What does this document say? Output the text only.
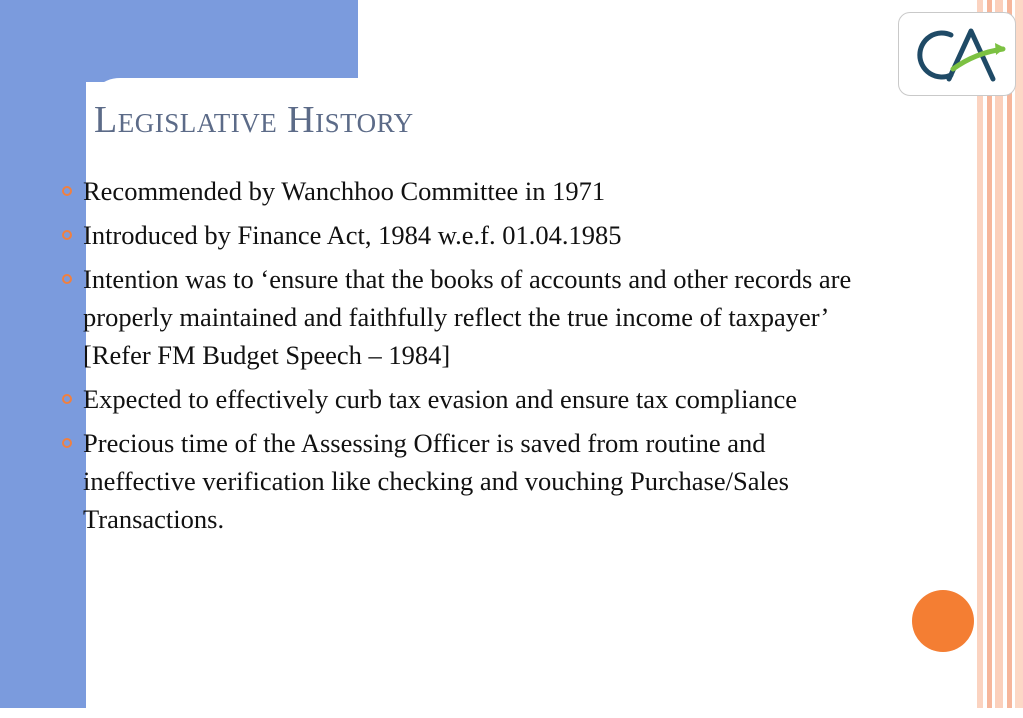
Legislative History
Recommended by Wanchhoo Committee in 1971
Introduced by Finance Act, 1984 w.e.f. 01.04.1985
Intention was to ‘ensure that the books of accounts and other records are properly maintained and faithfully reflect the true income of taxpayer’ [Refer FM Budget Speech – 1984]
Expected to effectively curb tax evasion and ensure tax compliance
Precious time of the Assessing Officer is saved from routine and ineffective verification like checking and vouching Purchase/Sales Transactions.
